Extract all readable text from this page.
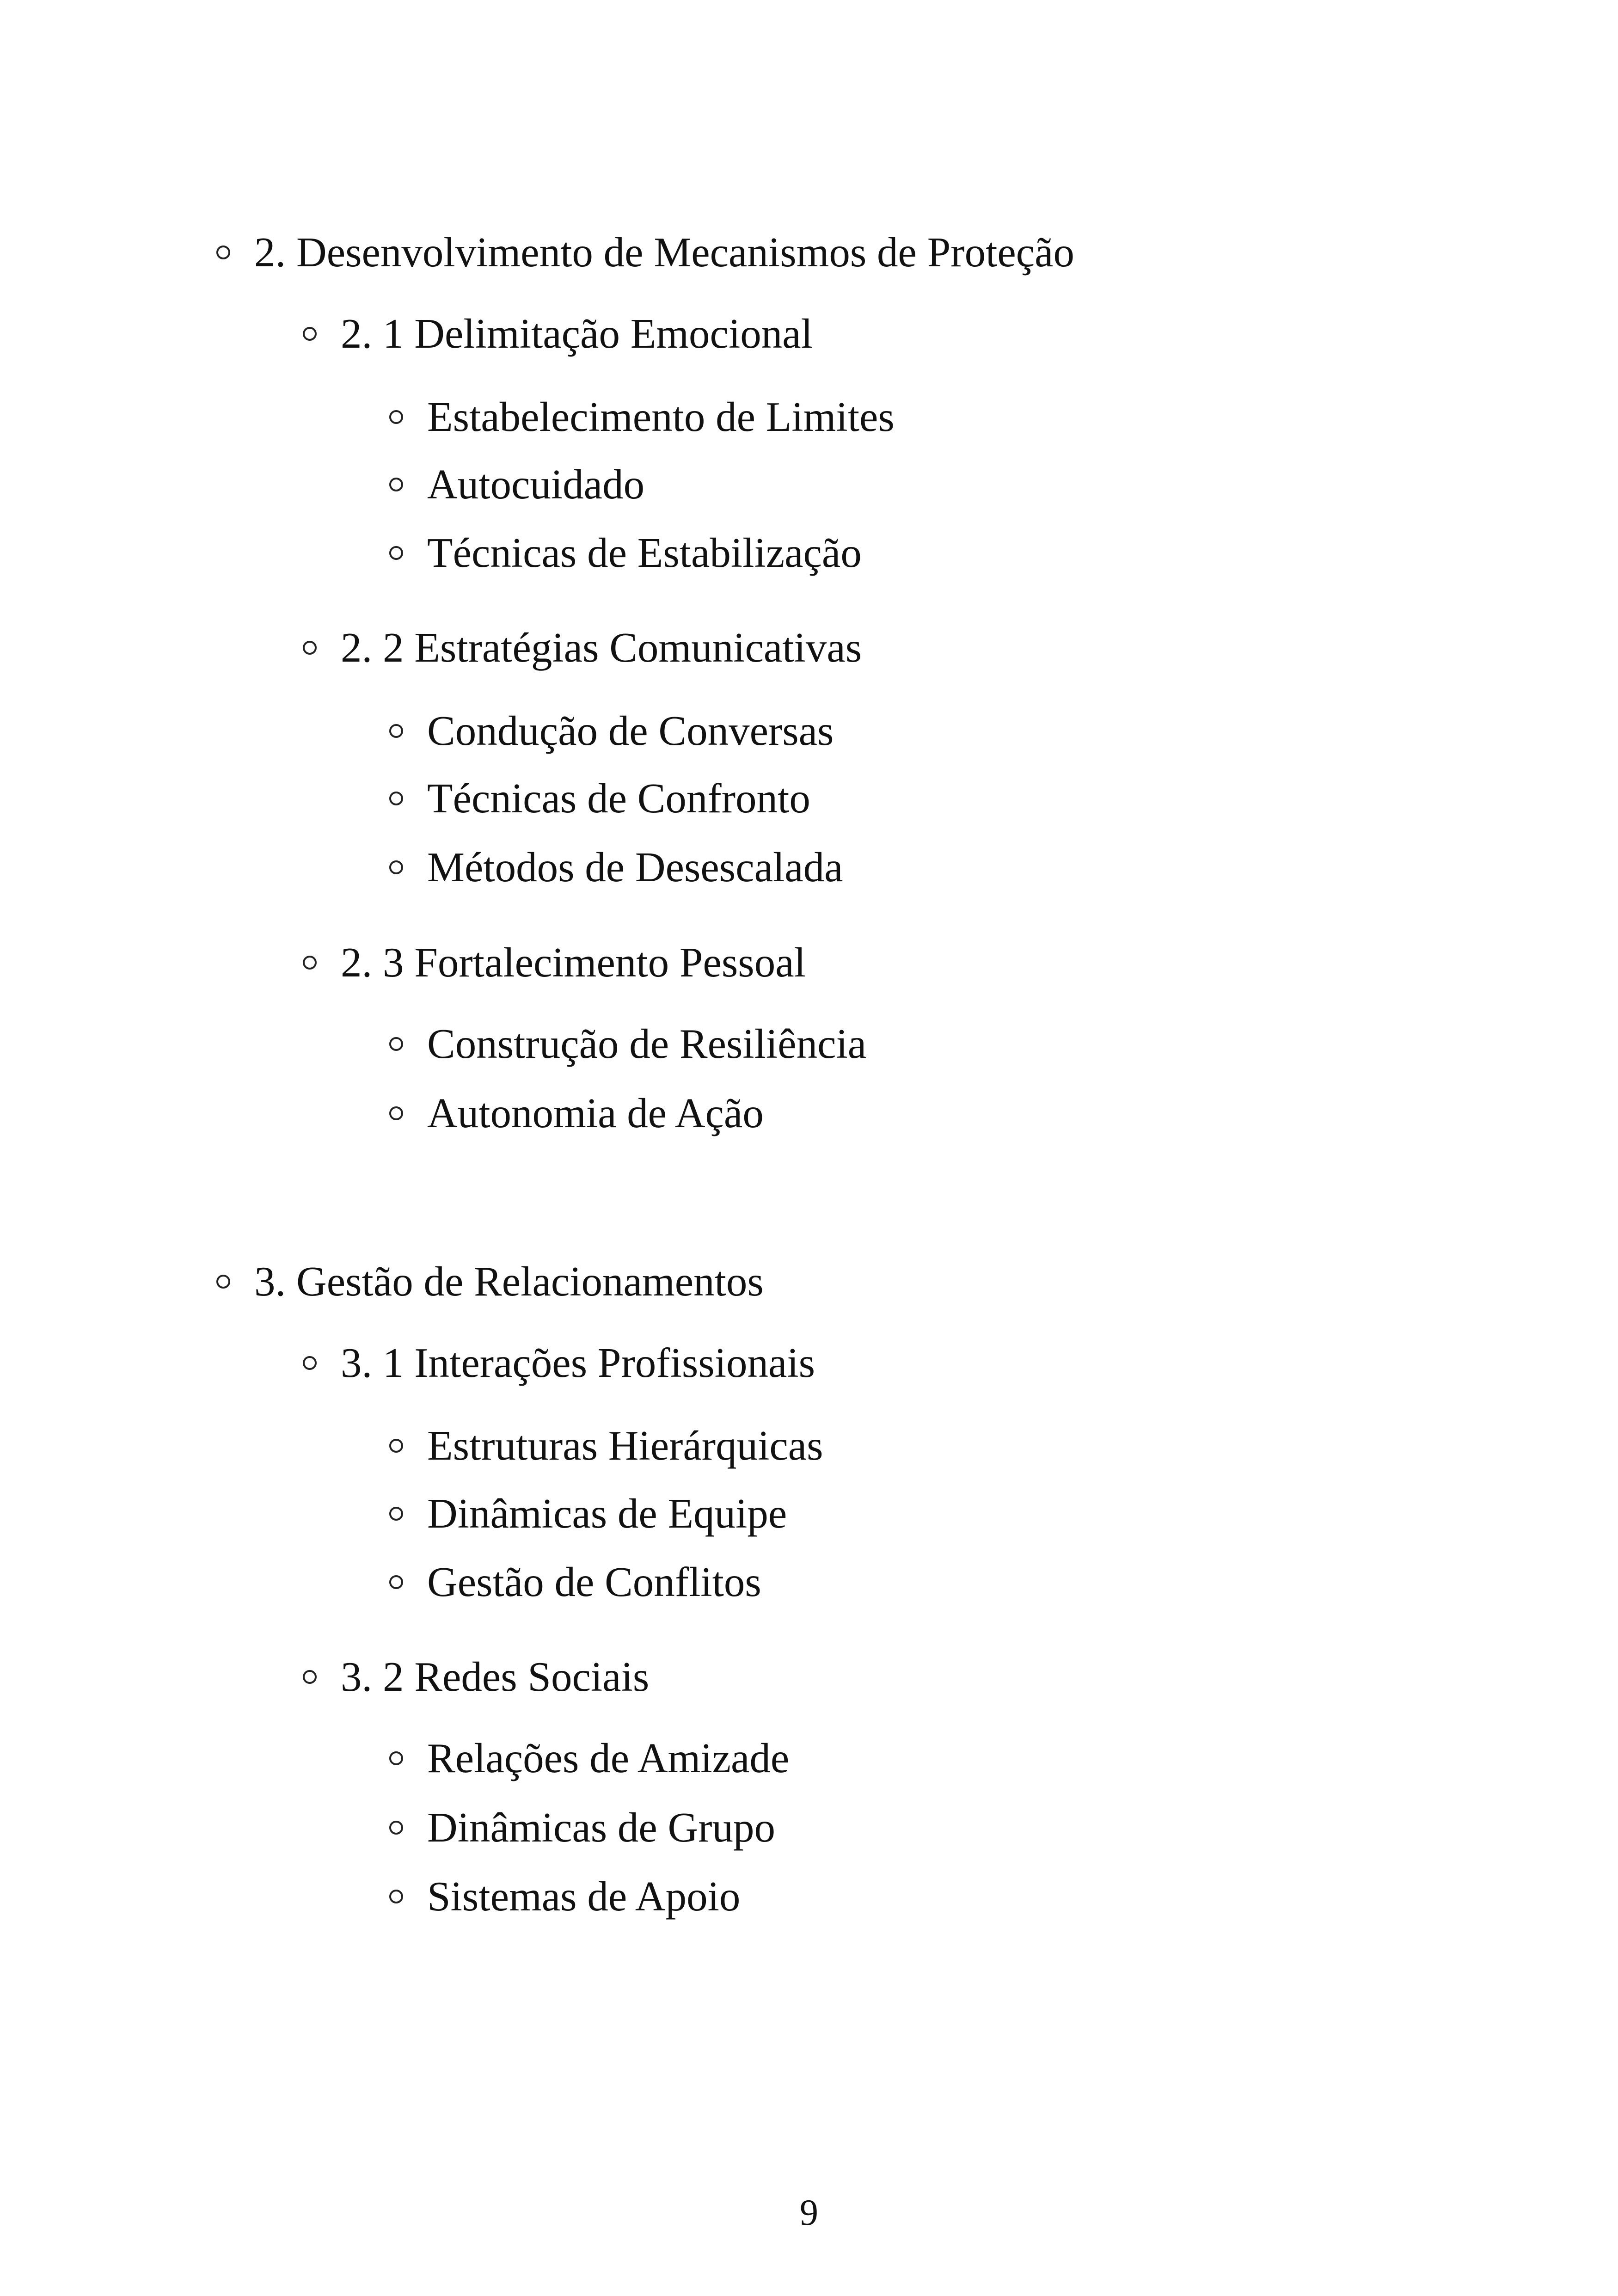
2. Desenvolvimento de Mecanismos de Proteção
2. 1 Delimitação Emocional
Estabelecimento de Limites
Autocuidado
Técnicas de Estabilização
2. 2 Estratégias Comunicativas
Condução de Conversas
Técnicas de Confronto
Métodos de Desescalada
2. 3 Fortalecimento Pessoal
Construção de Resiliência
Autonomia de Ação
3. Gestão de Relacionamentos
3. 1 Interações Profissionais
Estruturas Hierárquicas
Dinâmicas de Equipe
Gestão de Conflitos
3. 2 Redes Sociais
Relações de Amizade
Dinâmicas de Grupo
Sistemas de Apoio
9
